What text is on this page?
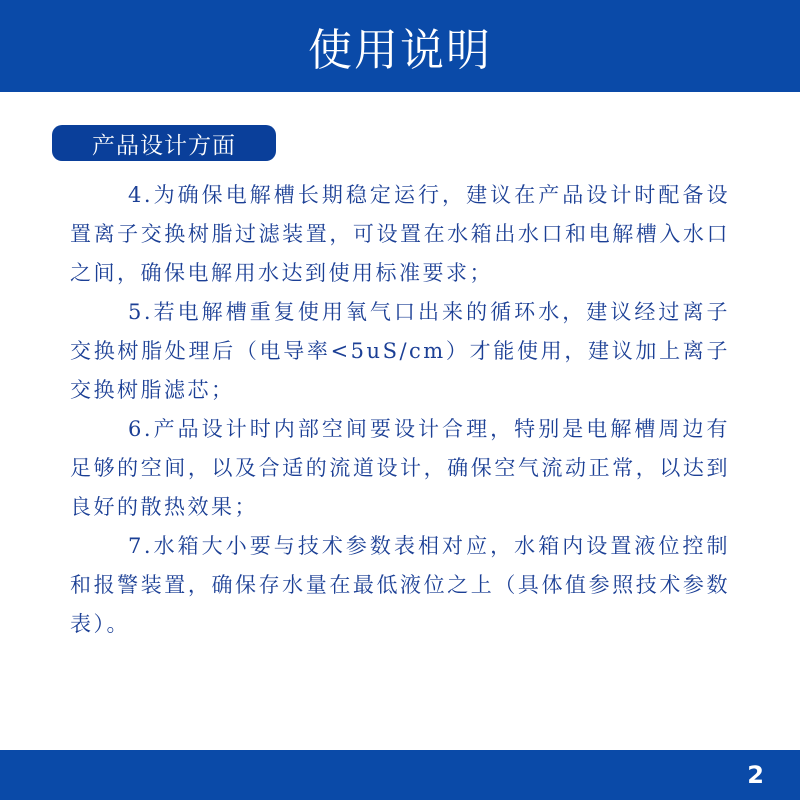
使用说明
产品设计方面

4.为确保电解槽长期稳定运行，建议在产品设计时配备设置离子交换树脂过滤装置，可设置在水箱出水口和电解槽入水口之间，确保电解用水达到使用标准要求；

5.若电解槽重复使用氧气口出来的循环水，建议经过离子交换树脂处理后（电导率<5uS/cm）才能使用，建议加上离子交换树脂滤芯；

6.产品设计时内部空间要设计合理，特别是电解槽周边有足够的空间，以及合适的流道设计，确保空气流动正常，以达到良好的散热效果；

7.水箱大小要与技术参数表相对应，水箱内设置液位控制和报警装置，确保存水量在最低液位之上（具体值参照技术参数表）。

2
